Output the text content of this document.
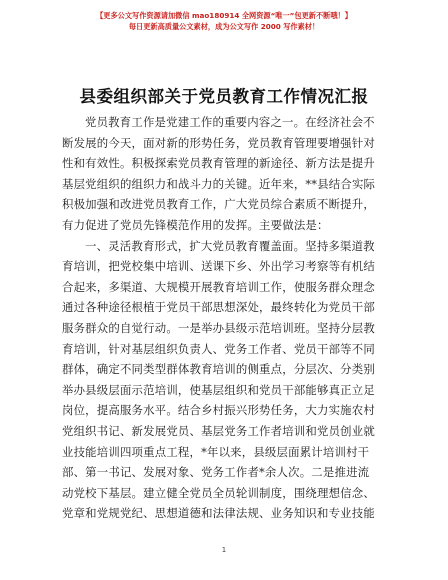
【更多公文写作资源请加微信 mao180914 全网资源“唯一”包更新不断哦！】
每日更新高质量公文素材，成为公文写作 2000 写作素材！
县委组织部关于党员教育工作情况汇报
党员教育工作是党建工作的重要内容之一。在经济社会不
断发展的今天，面对新的形势任务，党员教育管理要增强针对
性和有效性。积极探索党员教育管理的新途径、新方法是提升
基层党组织的组织力和战斗力的关键。近年来，**县结合实际
积极加强和改进党员教育工作，广大党员综合素质不断提升，
有力促进了党员先锋模范作用的发挥。主要做法是：
一、灵活教育形式，扩大党员教育覆盖面。坚持多渠道教
育培训，把党校集中培训、送课下乡、外出学习考察等有机结
合起来，多渠道、大规模开展教育培训工作，使服务群众理念
通过各种途径根植于党员干部思想深处，最终转化为党员干部
服务群众的自觉行动。一是举办县级示范培训班。坚持分层教
育培训，针对基层组织负责人、党务工作者、党员干部等不同
群体，确定不同类型群体教育培训的侧重点，分层次、分类别
举办县级层面示范培训，使基层组织和党员干部能够真正立足
岗位，提高服务水平。结合乡村振兴形势任务，大力实施农村
党组织书记、新发展党员、基层党务工作者培训和党员创业就
业技能培训四项重点工程，*年以来，县级层面累计培训村干
部、第一书记、发展对象、党务工作者*余人次。二是推进流
动党校下基层。建立健全党员全员轮训制度，围绕理想信念、
党章和党规党纪、思想道德和法律法规、业务知识和专业技能
1
